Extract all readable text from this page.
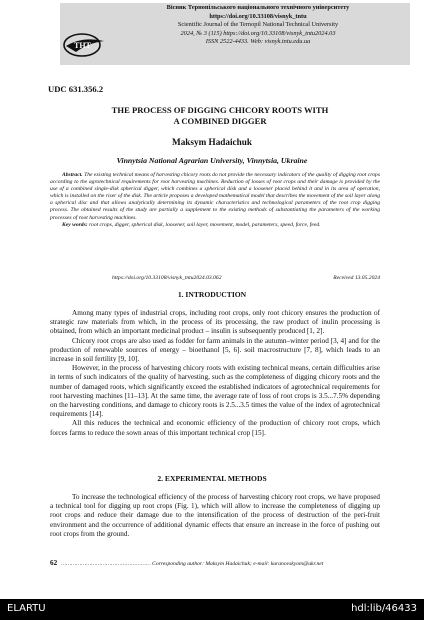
ТНТ
Вісник Тернопільського національного технічного університету
https://doi.org/10.33108/visnyk_tntu
Scientific Journal of the Ternopil National Technical University
2024, № 3 (115) https://doi.org/10.33108/visnyk_tntu2024.03
ISSN 2522-4433. Web: visnyk.tntu.edu.ua
UDC 631.356.2
THE PROCESS OF DIGGING CHICORY ROOTS WITH
A COMBINED DIGGER
Maksym Hadaichuk
Vinnytsia National Agrarian University, Vinnytsia, Ukraine

Abstract. The existing technical means of harvesting chicory roots do not provide the necessary indicators of the quality of digging root crops according to the agrotechnical requirements for root harvesting machines. Reduction of losses of root crops and their damage is provided by the use of a combined single-disk spherical digger, which combines a spherical disk and a loosener placed behind it and in its area of operation, which is installed on the riser of the disk. The article proposes a developed mathematical model that describes the movement of the soil layer along a spherical disc and that allows analytically determining its dynamic characteristics and technological parameters of the root crop digging process. The obtained results of the study are partially a supplement to the existing methods of substantiating the parameters of the working processes of root harvesting machines.

Key words: root crops, digger, spherical disk, loosener, soil layer, movement, model, parameters, speed, force, feed.

https://doi.org/10.33108/visnyk_tntu2024.03.062	Received 13.05.2024
1. INTRODUCTION

Among many types of industrial crops, including root crops, only root chicory ensures the production of strategic raw materials from which, in the process of its processing, the raw product of inulin processing is obtained, from which an important medicinal product – insulin is subsequently produced [1, 2].

Chicory root crops are also used as fodder for farm animals in the autumn–winter period [3, 4] and for the production of renewable sources of energy – bioethanol [5, 6]. soil macrostructure [7, 8], which leads to an increase in soil fertility [9, 10].

However, in the process of harvesting chicory roots with existing technical means, certain difficulties arise in terms of such indicators of the quality of harvesting, such as the completeness of digging chicory roots and the number of damaged roots, which significantly exceed the established indicators of agrotechnical requirements for root harvesting machines [11–13]. At the same time, the average rate of loss of root crops is 3.5...7.5% depending on the harvesting conditions, and damage to chicory roots is 2.5...3.5 times the value of the index of agrotechnical requirements [14].

All this reduces the technical and economic efficiency of the production of chicory root crops, which forces farms to reduce the sown areas of this important technical crop [15].

2. EXPERIMENTAL METHODS

To increase the technological efficiency of the process of harvesting chicory root crops, we have proposed a technical tool for digging up root crops (Fig. 1), which will allow to increase the completeness of digging up root crops and reduce their damage due to the intensification of the process of destruction of the peri-fruit environment and the occurrence of additional dynamic effects that ensure an increase in the force of pushing out root crops from the ground.

62 ……………………………………………… Corresponding author: Maksym Hadaichuk; e-mail: kuranovskyom@ukr.net
ELARTU	hdl:lib/46433
